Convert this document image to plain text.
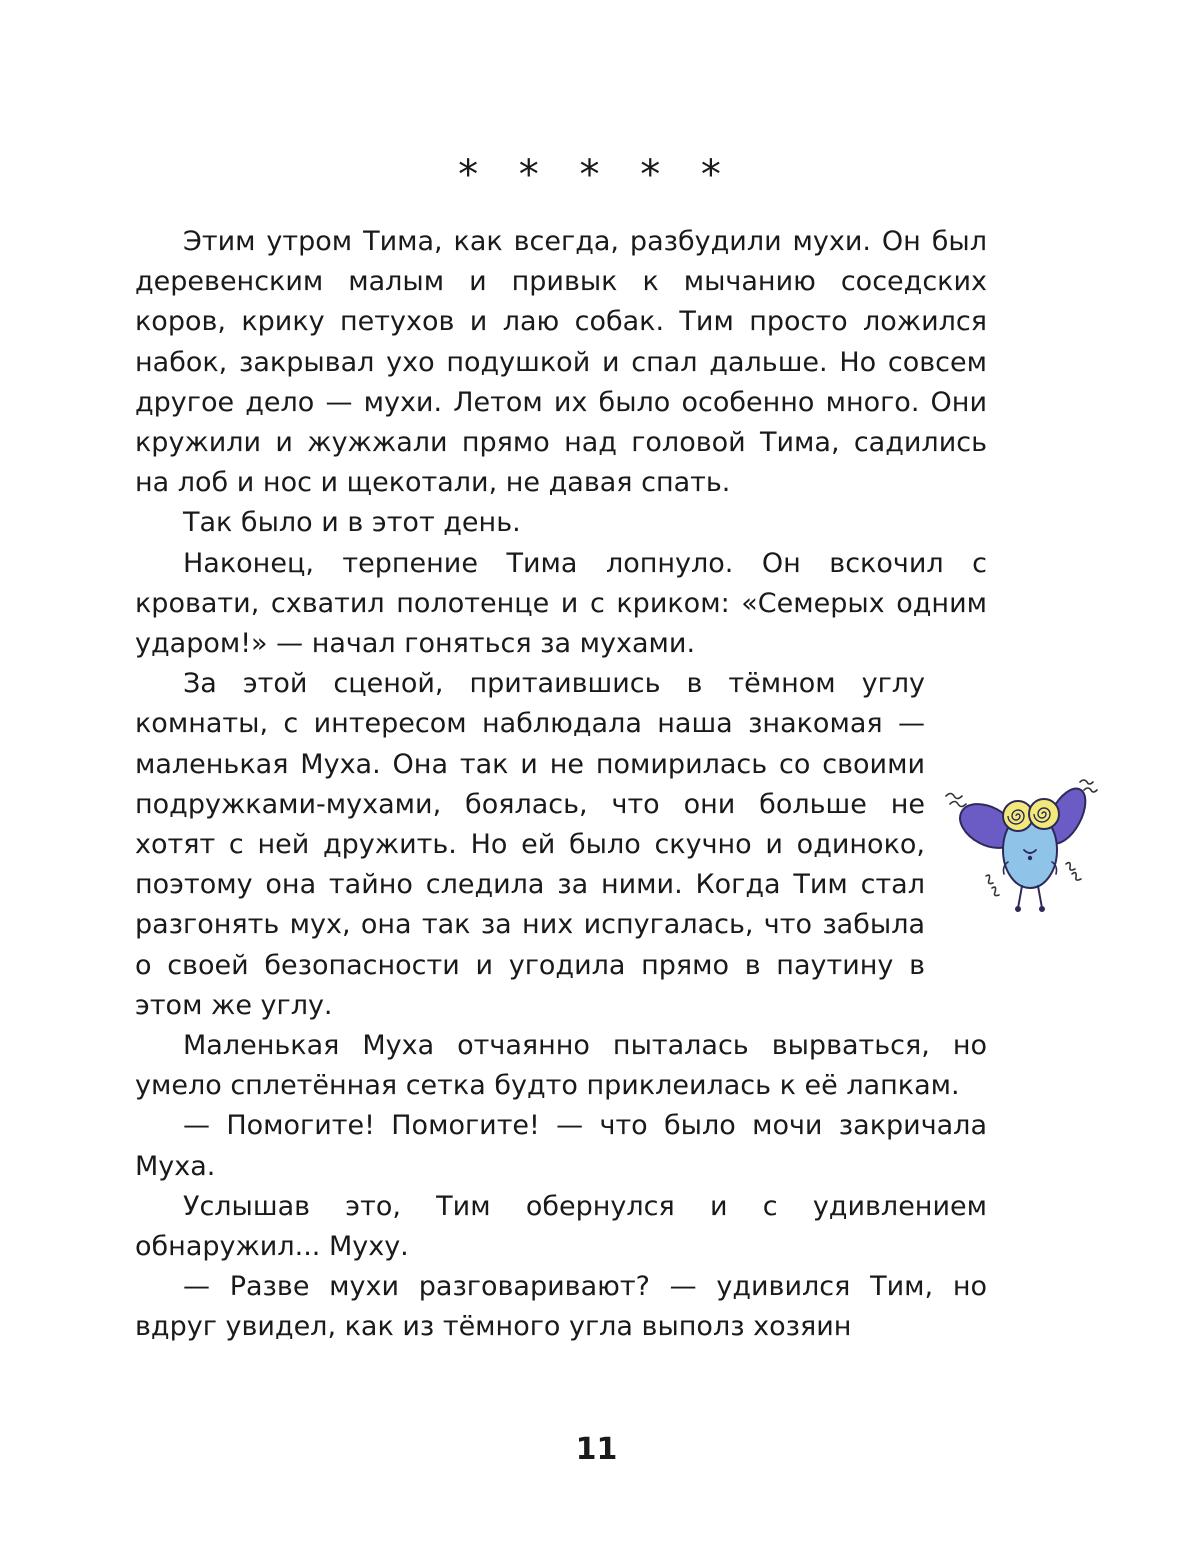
* * * * *

Этим утром Тима, как всегда, разбудили мухи. Он был деревенским малым и привык к мычанию соседских коров, крику петухов и лаю собак. Тим просто ложился набок, закрывал ухо подушкой и спал дальше. Но совсем другое дело — мухи. Летом их было особенно много. Они кружили и жужжали прямо над головой Тима, садились на лоб и нос и щекотали, не давая спать.

Так было и в этот день.

Наконец, терпение Тима лопнуло. Он вскочил с кровати, схватил полотенце и с криком: «Семерых одним ударом!» — начал гоняться за мухами.

За этой сценой, притаившись в тёмном углу комнаты, с интересом наблюдала наша знакомая — маленькая Муха. Она так и не помирилась со своими подружками-мухами, боялась, что они больше не хотят с ней дружить. Но ей было скучно и одиноко, поэтому она тайно следила за ними. Когда Тим стал разгонять мух, она так за них испугалась, что забыла о своей безопасности и угодила прямо в паутину в этом же углу.

Маленькая Муха отчаянно пыталась вырваться, но умело сплетённая сетка будто приклеилась к её лапкам.

— Помогите! Помогите! — что было мочи закричала Муха.

Услышав это, Тим обернулся и с удивлением обнаружил... Муху.

— Разве мухи разговаривают? — удивился Тим, но вдруг увидел, как из тёмного угла выполз хозяин

11
